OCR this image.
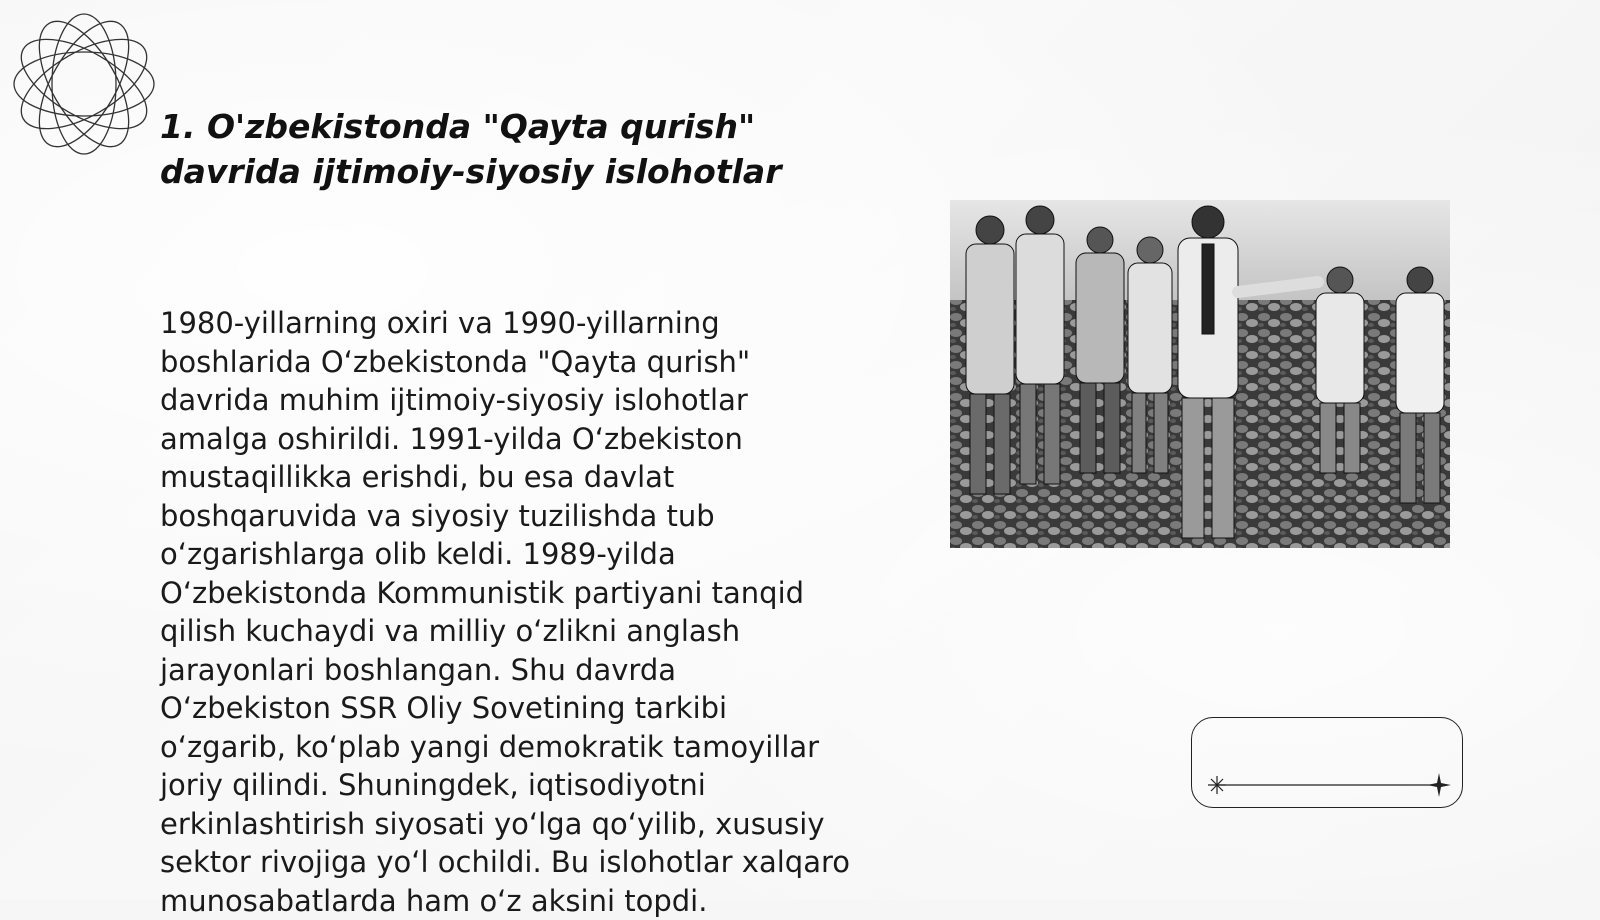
1. O'zbekistonda "Qayta qurish"
davrida ijtimoiy-siyosiy islohotlar

1980-yillarning oxiri va 1990-yillarning boshlarida O‘zbekistonda "Qayta qurish" davrida muhim ijtimoiy-siyosiy islohotlar amalga oshirildi. 1991-yilda O‘zbekiston mustaqillikka erishdi, bu esa davlat boshqaruvida va siyosiy tuzilishda tub o‘zgarishlarga olib keldi. 1989-yilda O‘zbekistonda Kommunistik partiyani tanqid qilish kuchaydi va milliy o‘zlikni anglash jarayonlari boshlangan. Shu davrda O‘zbekiston SSR Oliy Sovetining tarkibi o‘zgarib, ko‘plab yangi demokratik tamoyillar joriy qilindi. Shuningdek, iqtisodiyotni erkinlashtirish siyosati yo‘lga qo‘yilib, xususiy sektor rivojiga yo‘l ochildi. Bu islohotlar xalqaro munosabatlarda ham o‘z aksini topdi.
